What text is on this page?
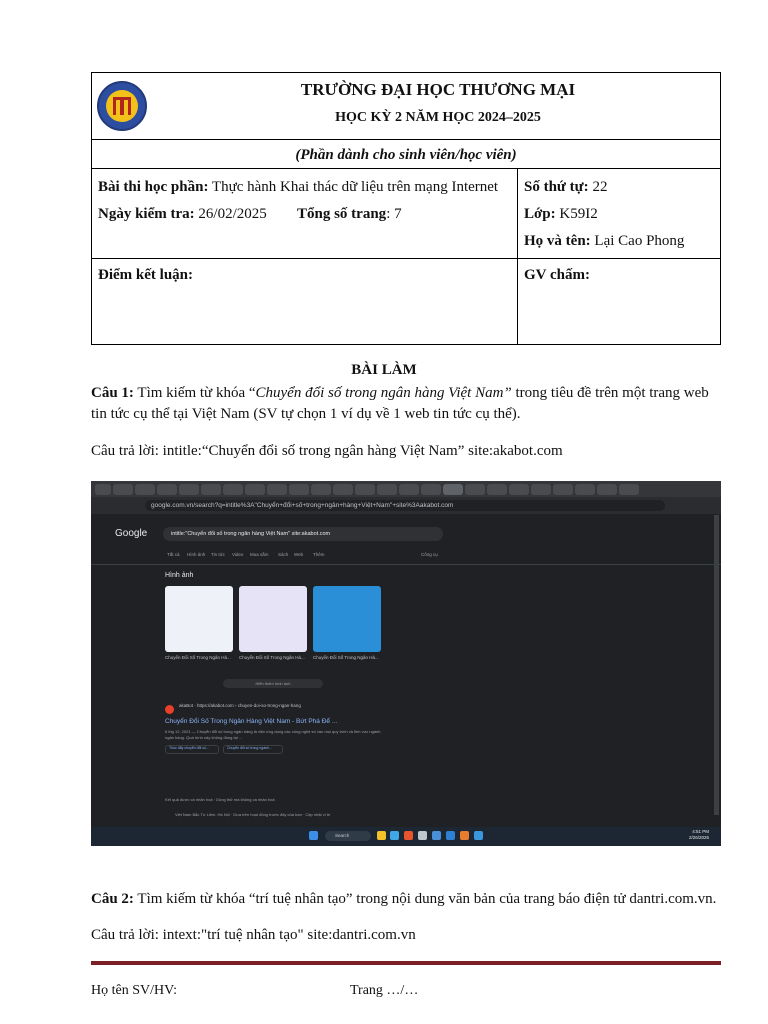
TRƯỜNG ĐẠI HỌC THƯƠNG MẠI
HỌC KỲ 2 NĂM HỌC 2024–2025
(Phần dành cho sinh viên/học viên)
Bài thi học phần: Thực hành Khai thác dữ liệu trên mạng Internet
Ngày kiểm tra: 26/02/2025 Tổng số trang: 7
Số thứ tự: 22
Lớp: K59I2
Họ và tên: Lại Cao Phong
Điểm kết luận:	GV chấm:
BÀI LÀM
Câu 1: Tìm kiếm từ khóa “Chuyển đổi số trong ngân hàng Việt Nam” trong tiêu đề trên một trang web
tin tức cụ thể tại Việt Nam (SV tự chọn 1 ví dụ về 1 web tin tức cụ thể).
Câu trả lời: intitle:“Chuyển đổi số trong ngân hàng Việt Nam” site:akabot.com
google.com.vn/search?q=intitle%3A"Chuyển+đổi+số+trong+ngân+hàng+Việt+Nam"+site%3Aakabot.com
Google	intitle:"Chuyển đổi số trong ngân hàng Việt Nam" site:akabot.com
Tất cả Hình ảnh Tin tức Video Mua sắm Sách Web Thêm	Công cụ
Hình ảnh
Chuyển Đổi Số Trong Ngân Hà... Chuyển Đổi Số Trong Ngân Hà... Chuyển Đổi Số Trong Ngân Hà...
Hiển thêm hình ảnh
akaBot · https://akabot.com › chuyen-doi-so-trong-ngan-hang
Chuyển Đổi Số Trong Ngân Hàng Việt Nam - Bứt Phá Để ...
6 thg 12, 2021 — Chuyển đổi số trong ngân hàng là việc ứng dụng các công nghệ số vào mọi quy trình và lĩnh vực ngành ngân hàng. Quá trình này không đồng tại ...
Thúc đẩy chuyển đổi số...	Chuyển đổi số trong ngành...
Kết quả được cá nhân hoá · Dùng thử mà không cá nhân hoá
Việt Nam Bắc Từ Liêm, Hà Nội · Dựa trên hoạt động trước đây của bạn · Cập nhật vị trí
Search
4:51 PM
2/26/2025
Câu 2: Tìm kiếm từ khóa “trí tuệ nhân tạo” trong nội dung văn bản của trang báo điện tử dantri.com.vn.
Câu trả lời: intext:"trí tuệ nhân tạo" site:dantri.com.vn
Họ tên SV/HV:	Trang …/…
